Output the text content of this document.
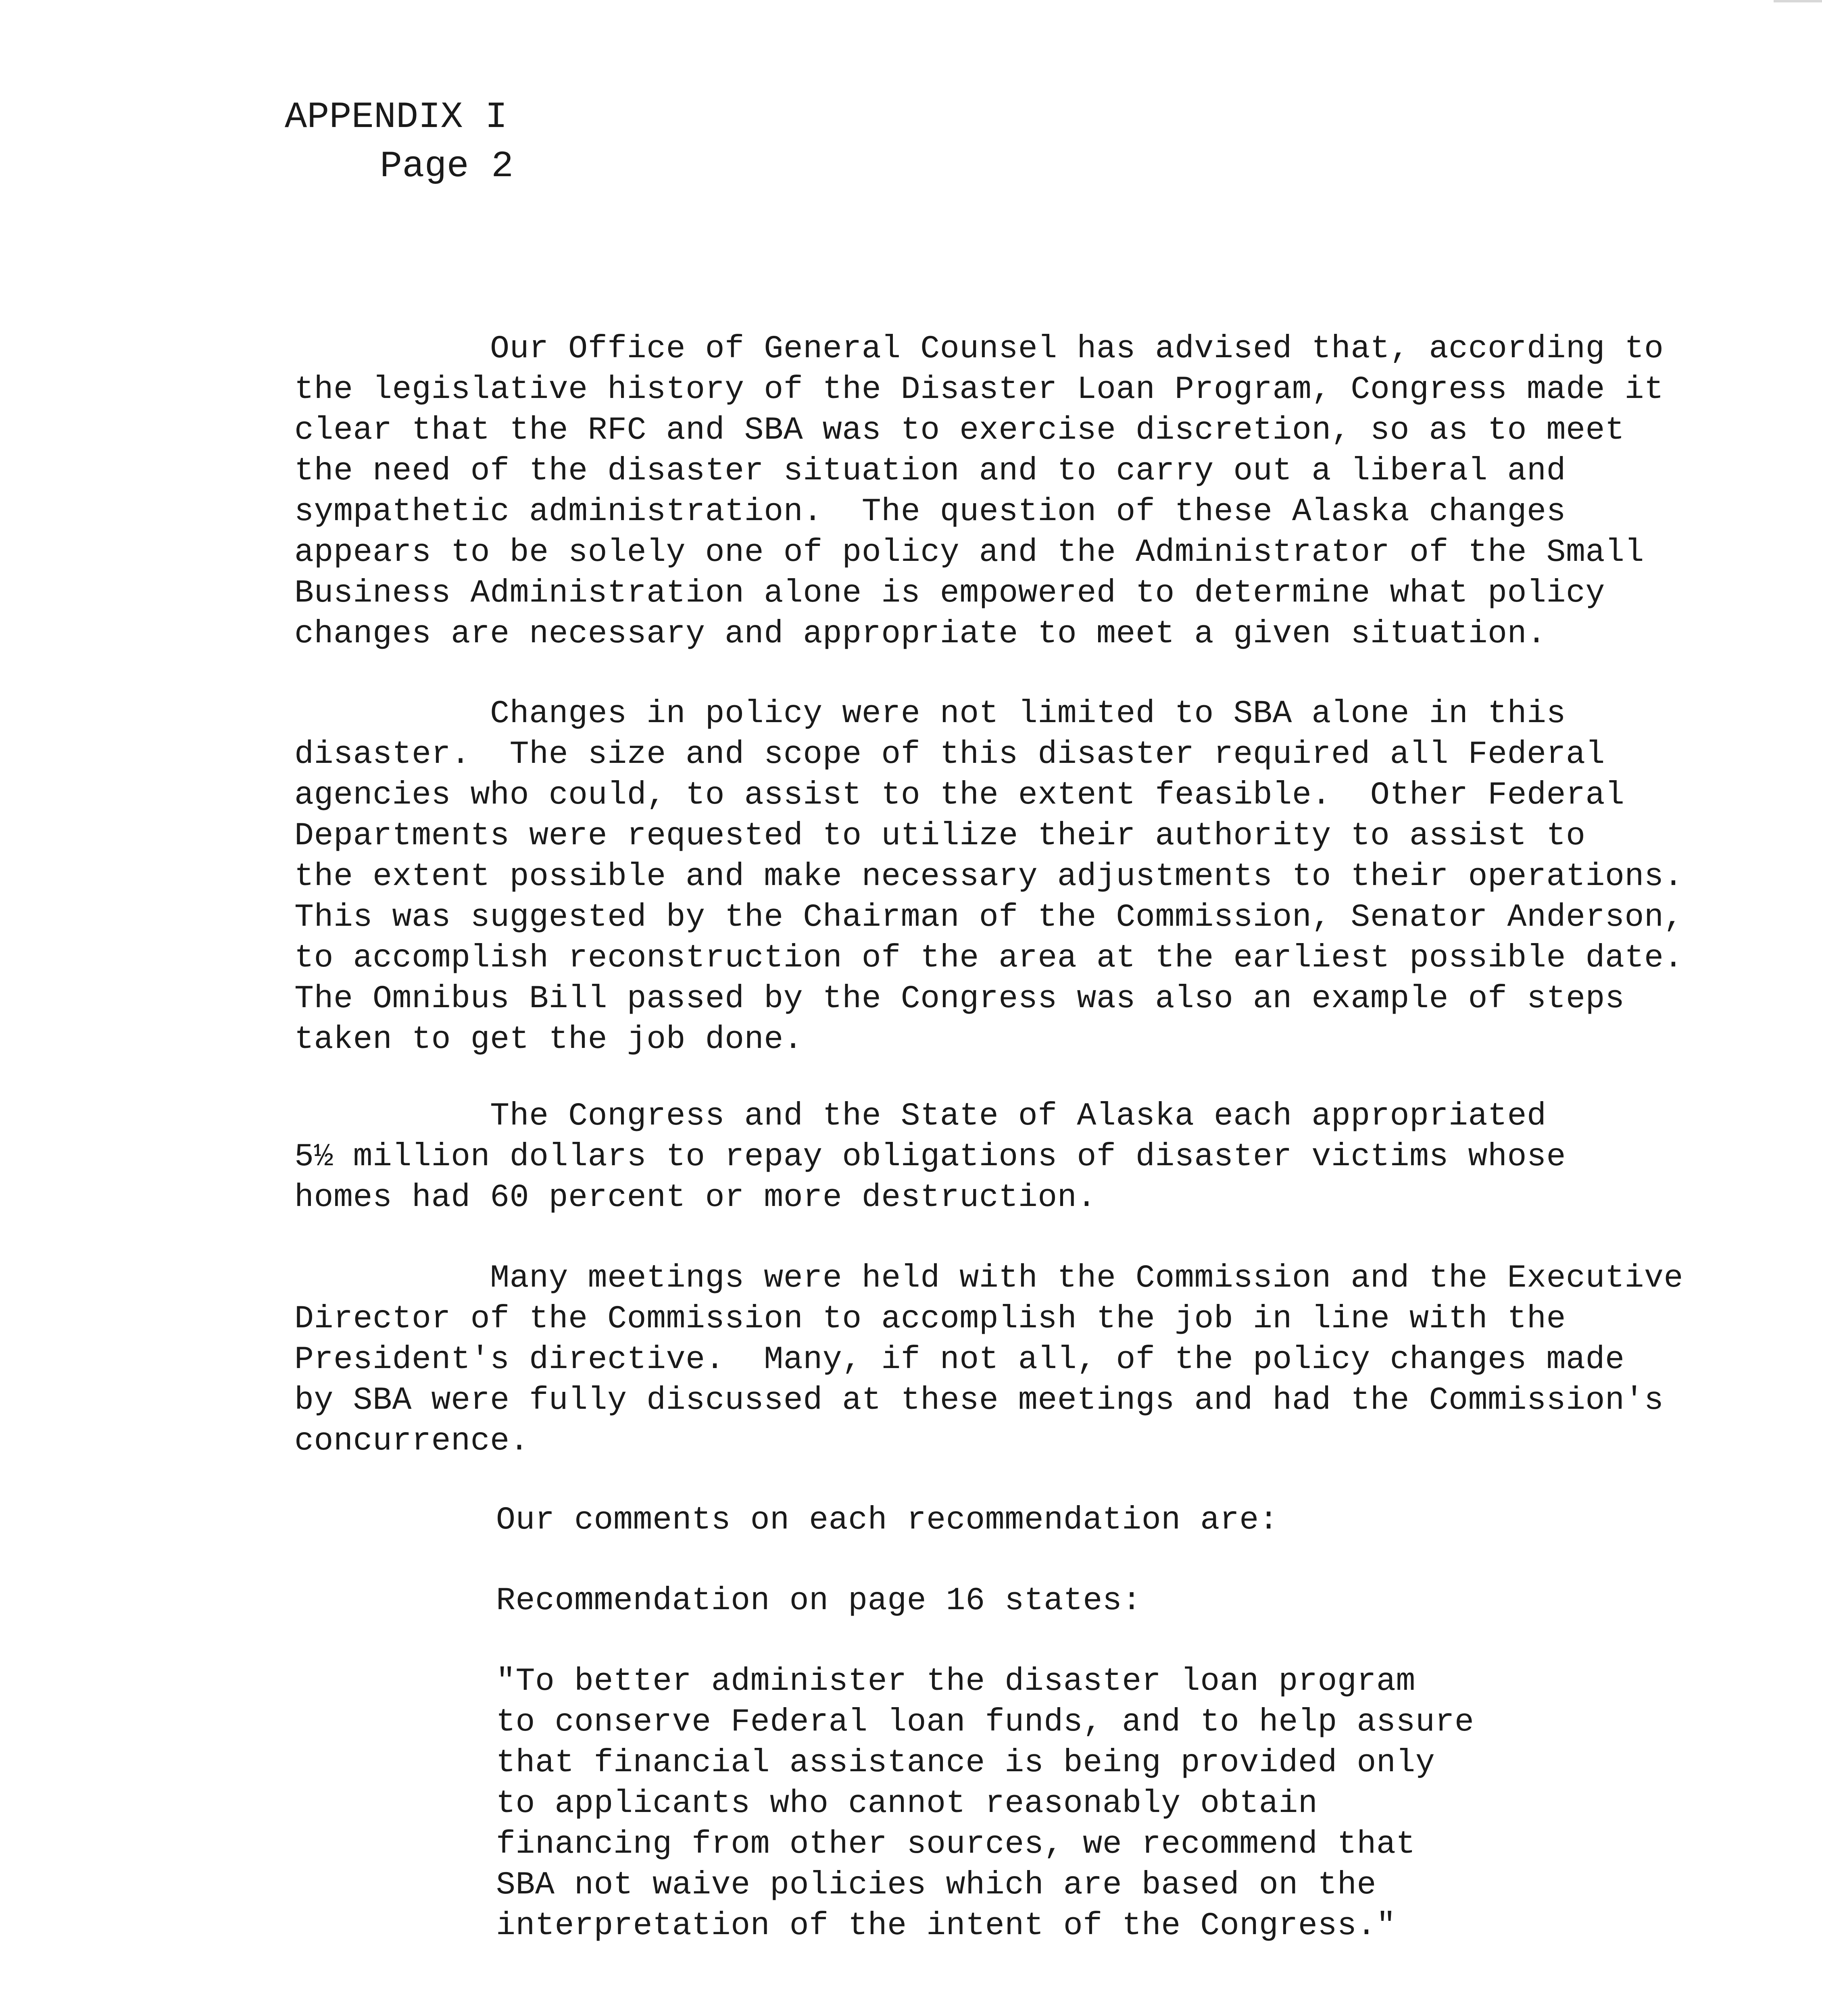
APPENDIX I
Page 2

Our Office of General Counsel has advised that, according to
the legislative history of the Disaster Loan Program, Congress made it
clear that the RFC and SBA was to exercise discretion, so as to meet
the need of the disaster situation and to carry out a liberal and
sympathetic administration.  The question of these Alaska changes
appears to be solely one of policy and the Administrator of the Small
Business Administration alone is empowered to determine what policy
changes are necessary and appropriate to meet a given situation.

Changes in policy were not limited to SBA alone in this
disaster.  The size and scope of this disaster required all Federal
agencies who could, to assist to the extent feasible.  Other Federal
Departments were requested to utilize their authority to assist to
the extent possible and make necessary adjustments to their operations.
This was suggested by the Chairman of the Commission, Senator Anderson,
to accomplish reconstruction of the area at the earliest possible date.
The Omnibus Bill passed by the Congress was also an example of steps
taken to get the job done.

The Congress and the State of Alaska each appropriated
5½ million dollars to repay obligations of disaster victims whose
homes had 60 percent or more destruction.

Many meetings were held with the Commission and the Executive
Director of the Commission to accomplish the job in line with the
President's directive.  Many, if not all, of the policy changes made
by SBA were fully discussed at these meetings and had the Commission's
concurrence.

Our comments on each recommendation are:

Recommendation on page 16 states:

"To better administer the disaster loan program
to conserve Federal loan funds, and to help assure
that financial assistance is being provided only
to applicants who cannot reasonably obtain
financing from other sources, we recommend that
SBA not waive policies which are based on the
interpretation of the intent of the Congress."
